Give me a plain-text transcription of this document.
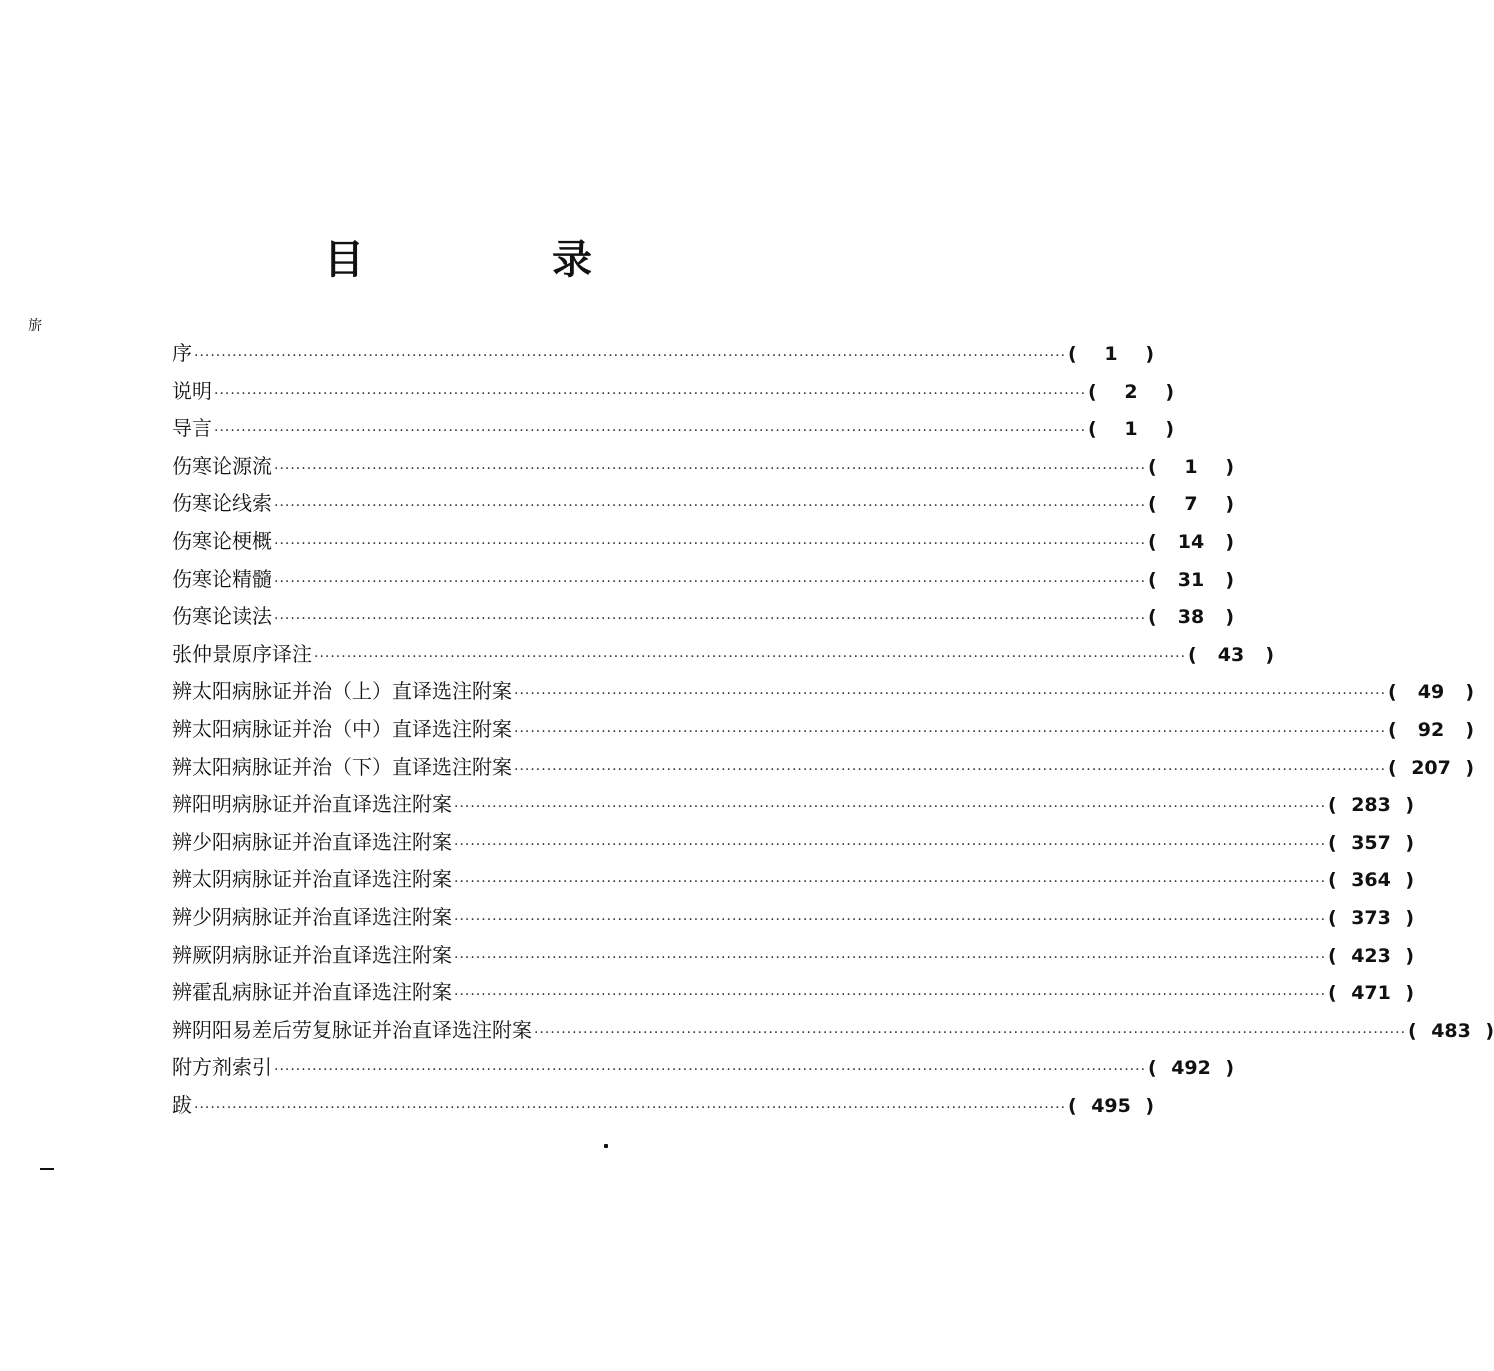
目　录
旂
序 ································································································································································ (	1	)
说明 ································································································································································ (	2	)
导言 ································································································································································ (	1	)
伤寒论源流 ································································································································································ (	1	)
伤寒论线索 ································································································································································ (	7	)
伤寒论梗概 ································································································································································ (	14	)
伤寒论精髓 ································································································································································ (	31	)
伤寒论读法 ································································································································································ (	38	)
张仲景原序译注 ································································································································································ (	43	)
辨太阳病脉证并治（上）直译选注附案 ································································································································································ (	49	)
辨太阳病脉证并治（中）直译选注附案 ································································································································································ (	92	)
辨太阳病脉证并治（下）直译选注附案 ································································································································································ ( 207 )
辨阳明病脉证并治直译选注附案 ································································································································································ ( 283 )
辨少阳病脉证并治直译选注附案 ································································································································································ ( 357 )
辨太阴病脉证并治直译选注附案 ································································································································································ ( 364 )
辨少阴病脉证并治直译选注附案 ································································································································································ ( 373 )
辨厥阴病脉证并治直译选注附案 ································································································································································ ( 423 )
辨霍乱病脉证并治直译选注附案 ································································································································································ ( 471 )
辨阴阳易差后劳复脉证并治直译选注附案 ································································································································································ ( 483 )
附方剂索引 ································································································································································ ( 492 )
跋 ································································································································································ ( 495 )
